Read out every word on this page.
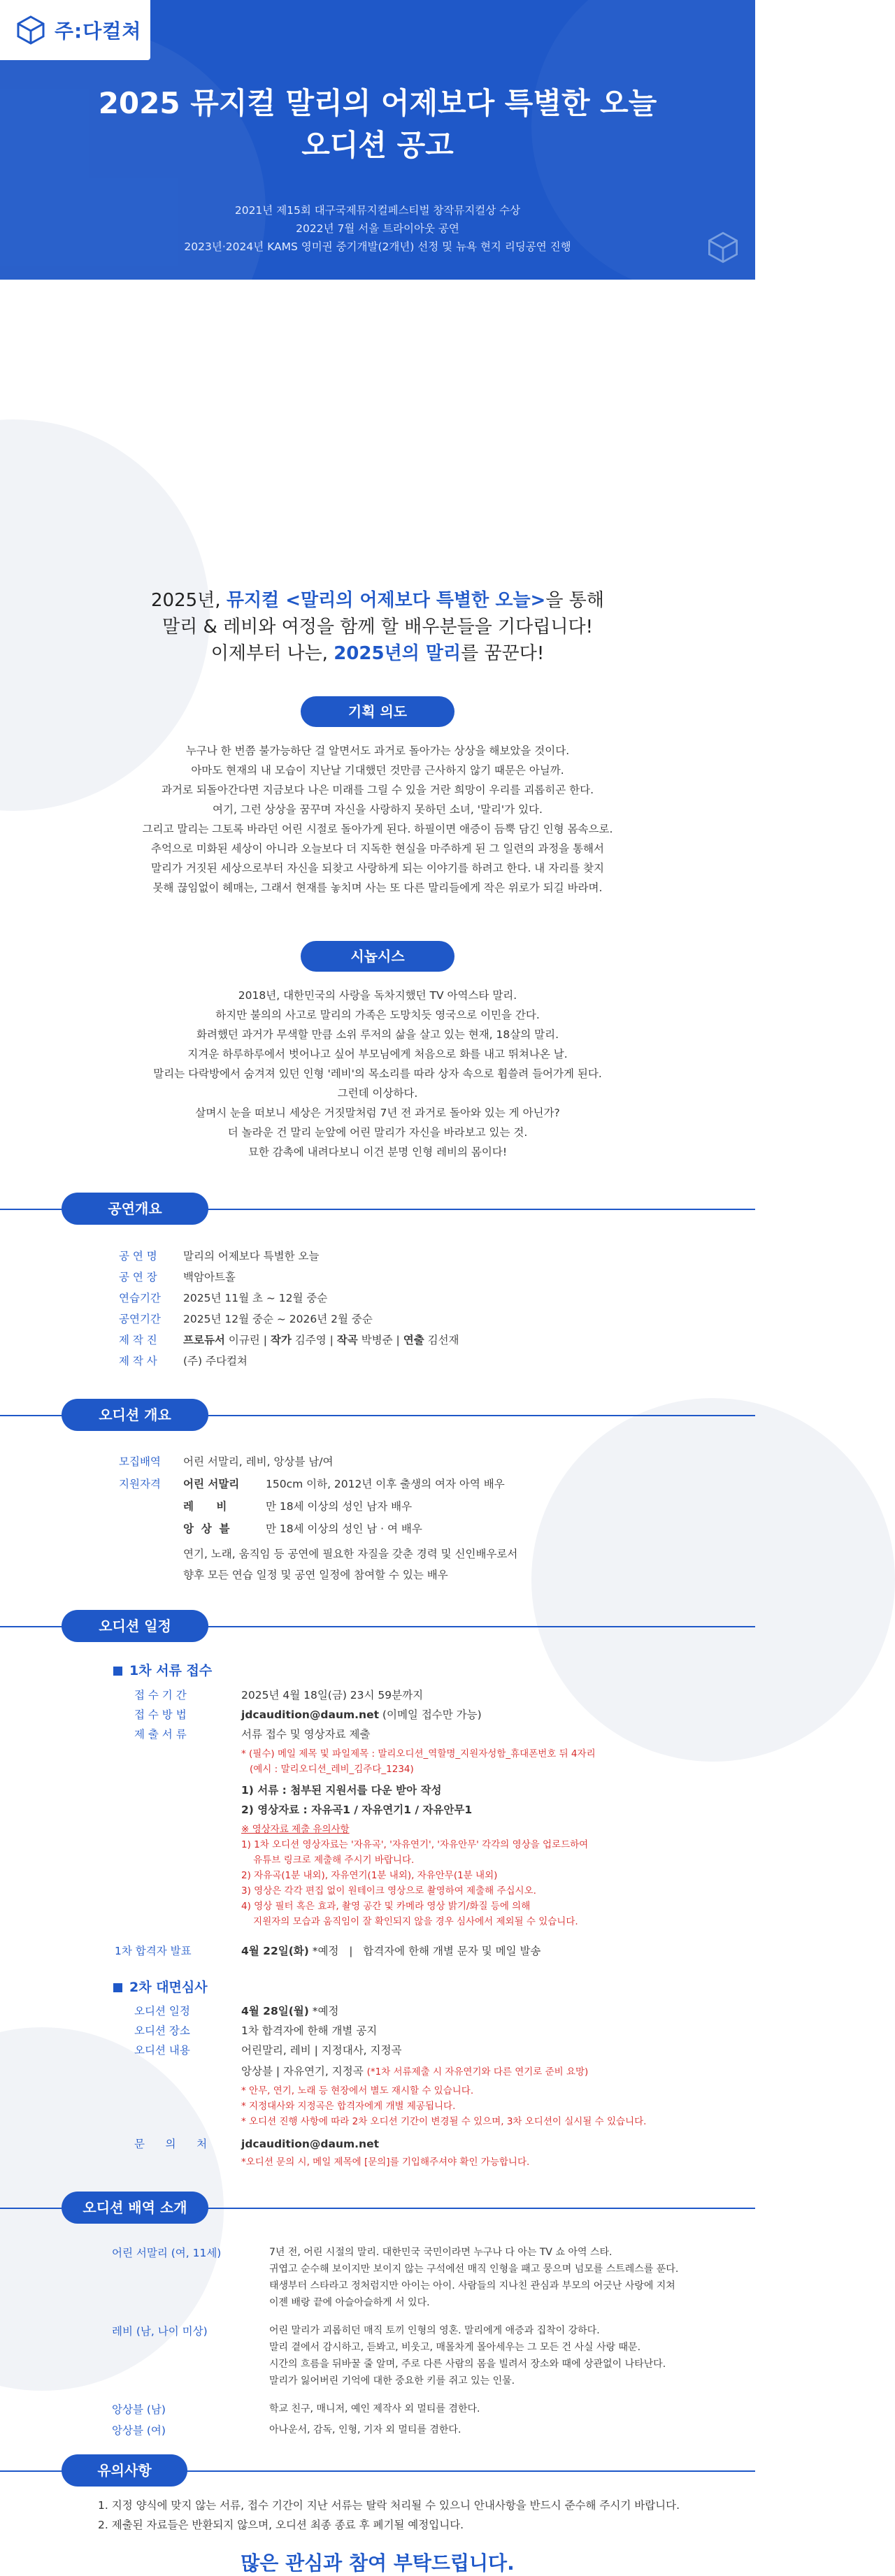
주:다컬쳐
2025 뮤지컬 말리의 어제보다 특별한 오늘
오디션 공고
2021년 제15회 대구국제뮤지컬페스티벌 창작뮤지컬상 수상
2022년 7월 서울 트라이아웃 공연
2023년·2024년 KAMS 영미권 중기개발(2개년) 선정 및 뉴욕 현지 리딩공연 진행
2025년, 뮤지컬 <말리의 어제보다 특별한 오늘>을 통해
말리 & 레비와 여정을 함께 할 배우분들을 기다립니다!
이제부터 나는, 2025년의 말리를 꿈꾼다!
기획 의도
누구나 한 번쯤 불가능하단 걸 알면서도 과거로 돌아가는 상상을 해보았을 것이다.
아마도 현재의 내 모습이 지난날 기대했던 것만큼 근사하지 않기 때문은 아닐까.
과거로 되돌아간다면 지금보다 나은 미래를 그릴 수 있을 거란 희망이 우리를 괴롭히곤 한다.
여기, 그런 상상을 꿈꾸며 자신을 사랑하지 못하던 소녀, '말리'가 있다.
그리고 말리는 그토록 바라던 어린 시절로 돌아가게 된다. 하필이면 애증이 듬뿍 담긴 인형 몸속으로.
추억으로 미화된 세상이 아니라 오늘보다 더 지독한 현실을 마주하게 된 그 일련의 과정을 통해서
말리가 거짓된 세상으로부터 자신을 되찾고 사랑하게 되는 이야기를 하려고 한다. 내 자리를 찾지
못해 끊임없이 헤매는, 그래서 현재를 놓치며 사는 또 다른 말리들에게 작은 위로가 되길 바라며.
시놉시스
2018년, 대한민국의 사랑을 독차지했던 TV 아역스타 말리.
하지만 불의의 사고로 말리의 가족은 도망치듯 영국으로 이민을 간다.
화려했던 과거가 무색할 만큼 소위 루저의 삶을 살고 있는 현재, 18살의 말리.
지겨운 하루하루에서 벗어나고 싶어 부모님에게 처음으로 화를 내고 뛰쳐나온 날.
말리는 다락방에서 숨겨져 있던 인형 '레비'의 목소리를 따라 상자 속으로 휩쓸려 들어가게 된다.
그런데 이상하다.
살며시 눈을 떠보니 세상은 거짓말처럼 7년 전 과거로 돌아와 있는 게 아닌가?
더 놀라운 건 말리 눈앞에 어린 말리가 자신을 바라보고 있는 것.
묘한 감촉에 내려다보니 이건 분명 인형 레비의 몸이다!
공연개요
공 연 명 말리의 어제보다 특별한 오늘
공 연 장 백암아트홀
연습기간 2025년 11월 초 ~ 12월 중순
공연기간 2025년 12월 중순 ~ 2026년 2월 중순
제 작 진 프로듀서 이규린 | 작가 김주영 | 작곡 박병준 | 연출 김선재
제 작 사 (주) 주다컬쳐
오디션 개요
모집배역 어린 서말리, 레비, 앙상블 남/여
지원자격 어린 서말리 150cm 이하, 2012년 이후 출생의 여자 아역 배우
레      비	만 18세 이상의 성인 남자 배우
앙  상  블	만 18세 이상의 성인 남 · 여 배우
연기, 노래, 움직임 등 공연에 필요한 자질을 갖춘 경력 및 신인배우로서
향후 모든 연습 일정 및 공연 일정에 참여할 수 있는 배우
오디션 일정
1차 서류 접수
접 수 기 간	2025년 4월 18일(금) 23시 59분까지
접 수 방 법	jdcaudition@daum.net (이메일 접수만 가능)
제 출 서 류	서류 접수 및 영상자료 제출
* (필수) 메일 제목 및 파일제목 : 말리오디션_역할명_지원자성함_휴대폰번호 뒤 4자리
(예시 : 말리오디션_레비_김주다_1234)
1) 서류 : 첨부된 지원서를 다운 받아 작성
2) 영상자료 : 자유곡1 / 자유연기1 / 자유안무1
※ 영상자료 제출 유의사항
1) 1차 오디션 영상자료는 '자유곡', '자유연기', '자유안무' 각각의 영상을 업로드하여
유튜브 링크로 제출해 주시기 바랍니다.
2) 자유곡(1분 내외), 자유연기(1분 내외), 자유안무(1분 내외)
3) 영상은 각각 편집 없이 원테이크 영상으로 촬영하여 제출해 주십시오.
4) 영상 필터 혹은 효과, 촬영 공간 및 카메라 영상 밝기/화질 등에 의해
지원자의 모습과 움직임이 잘 확인되지 않을 경우 심사에서 제외될 수 있습니다.
1차 합격자 발표	4월 22일(화) *예정   |   합격자에 한해 개별 문자 및 메일 발송
2차 대면심사
오디션 일정	4월 28일(월) *예정
오디션 장소	1차 합격자에 한해 개별 공지
오디션 내용	어린말리, 레비 | 지정대사, 지정곡
앙상블 | 자유연기, 지정곡 (*1차 서류제출 시 자유연기와 다른 연기로 준비 요망)
* 안무, 연기, 노래 등 현장에서 별도 재시할 수 있습니다.
* 지정대사와 지정곡은 합격자에게 개별 제공됩니다.
* 오디션 진행 사항에 따라 2차 오디션 기간이 변경될 수 있으며, 3차 오디션이 실시될 수 있습니다.
문      의      처	jdcaudition@daum.net
*오디션 문의 시, 메일 제목에 [문의]를 기입해주셔야 확인 가능합니다.
오디션 배역 소개
어린 서말리 (여, 11세)	7년 전, 어린 시절의 말리. 대한민국 국민이라면 누구나 다 아는 TV 쇼 아역 스타.
귀엽고 순수해 보이지만 보이지 않는 구석에선 매직 인형을 패고 뭉으며 넘모를 스트레스를 푼다.
태생부터 스타라고 정처럼지만 아이는 아이. 사람들의 지나친 관심과 부모의 어긋난 사랑에 지쳐
이젠 배랑 끝에 아슬아슬하게 서 있다.
레비 (남, 나이 미상)	어린 말리가 괴롭히던 매직 토끼 인형의 영혼. 말리에게 애증과 집착이 강하다.
말리 곁에서 감시하고, 듣봐고, 비웃고, 매몰차게 몰아세우는 그 모든 건 사실 사랑 때문.
시간의 흐름을 뒤바꿀 줄 알며, 주로 다른 사람의 몸을 빌려서 장소와 때에 상관없이 나타난다.
말리가 잃어버린 기억에 대한 중요한 키를 쥐고 있는 인물.
앙상블 (남)	학교 친구, 매니저, 예인 제작사 외 멀티를 겸한다.
앙상블 (여)	아나운서, 감독, 인형, 기자 외 멀티를 겸한다.
유의사항
1. 지정 양식에 맞지 않는 서류, 접수 기간이 지난 서류는 탈락 처리될 수 있으니 안내사항을 반드시 준수해 주시기 바랍니다.
2. 제출된 자료들은 반환되지 않으며, 오디션 최종 종료 후 폐기될 예정입니다.
많은 관심과 참여 부탁드립니다.
